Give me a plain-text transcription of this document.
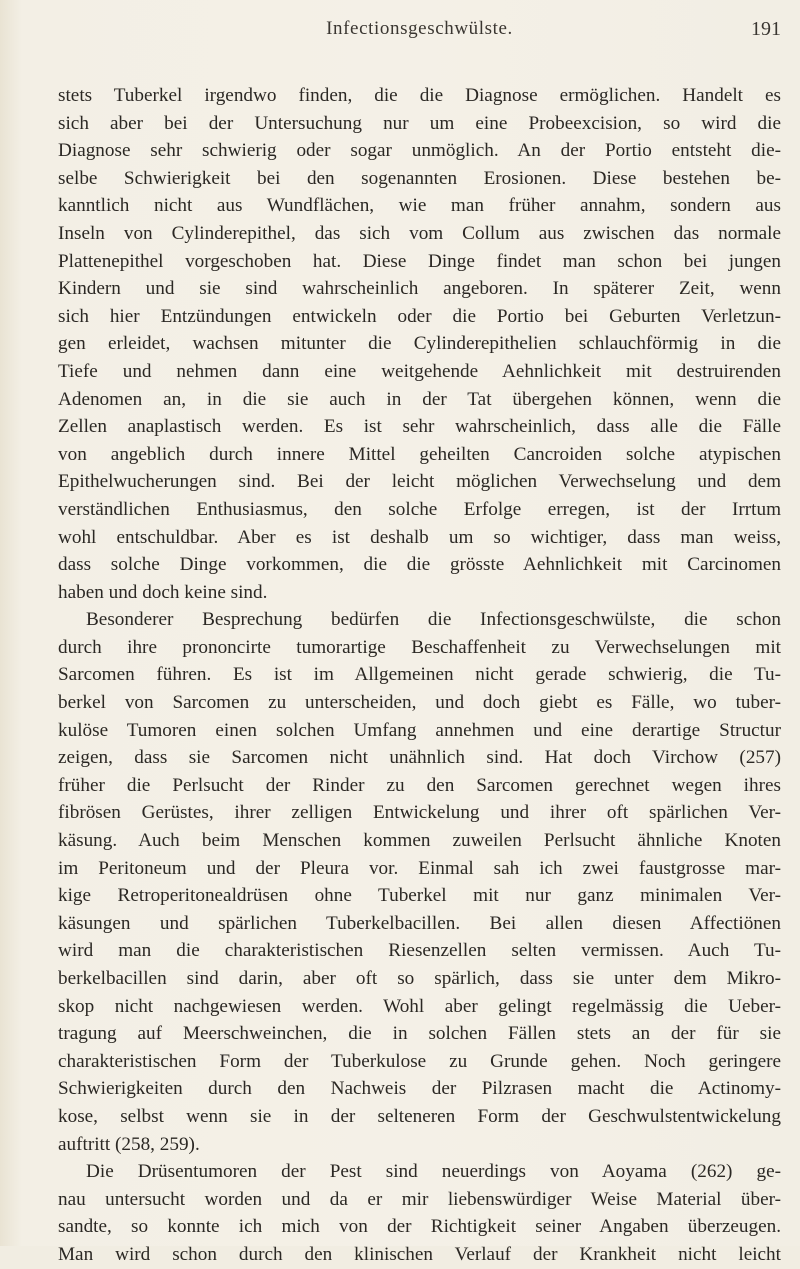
Infectionsgeschwülste.	191
stets Tuberkel irgendwo finden, die die Diagnose ermöglichen. Handelt es
sich aber bei der Untersuchung nur um eine Probeexcision, so wird die
Diagnose sehr schwierig oder sogar unmöglich. An der Portio entsteht die-
selbe Schwierigkeit bei den sogenannten Erosionen. Diese bestehen be-
kanntlich nicht aus Wundflächen, wie man früher annahm, sondern aus
Inseln von Cylinderepithel, das sich vom Collum aus zwischen das normale
Plattenepithel vorgeschoben hat. Diese Dinge findet man schon bei jungen
Kindern und sie sind wahrscheinlich angeboren. In späterer Zeit, wenn
sich hier Entzündungen entwickeln oder die Portio bei Geburten Verletzun-
gen erleidet, wachsen mitunter die Cylinderepithelien schlauchförmig in die
Tiefe und nehmen dann eine weitgehende Aehnlichkeit mit destruirenden
Adenomen an, in die sie auch in der Tat übergehen können, wenn die
Zellen anaplastisch werden. Es ist sehr wahrscheinlich, dass alle die Fälle
von angeblich durch innere Mittel geheilten Cancroiden solche atypischen
Epithelwucherungen sind. Bei der leicht möglichen Verwechselung und dem
verständlichen Enthusiasmus, den solche Erfolge erregen, ist der Irrtum
wohl entschuldbar. Aber es ist deshalb um so wichtiger, dass man weiss,
dass solche Dinge vorkommen, die die grösste Aehnlichkeit mit Carcinomen
haben und doch keine sind.
Besonderer Besprechung bedürfen die Infectionsgeschwülste, die schon
durch ihre prononcirte tumorartige Beschaffenheit zu Verwechselungen mit
Sarcomen führen. Es ist im Allgemeinen nicht gerade schwierig, die Tu-
berkel von Sarcomen zu unterscheiden, und doch giebt es Fälle, wo tuber-
kulöse Tumoren einen solchen Umfang annehmen und eine derartige Structur
zeigen, dass sie Sarcomen nicht unähnlich sind. Hat doch Virchow (257)
früher die Perlsucht der Rinder zu den Sarcomen gerechnet wegen ihres
fibrösen Gerüstes, ihrer zelligen Entwickelung und ihrer oft spärlichen Ver-
käsung. Auch beim Menschen kommen zuweilen Perlsucht ähnliche Knoten
im Peritoneum und der Pleura vor. Einmal sah ich zwei faustgrosse mar-
kige Retroperitonealdrüsen ohne Tuberkel mit nur ganz minimalen Ver-
käsungen und spärlichen Tuberkelbacillen. Bei allen diesen Affectiönen
wird man die charakteristischen Riesenzellen selten vermissen. Auch Tu-
berkelbacillen sind darin, aber oft so spärlich, dass sie unter dem Mikro-
skop nicht nachgewiesen werden. Wohl aber gelingt regelmässig die Ueber-
tragung auf Meerschweinchen, die in solchen Fällen stets an der für sie
charakteristischen Form der Tuberkulose zu Grunde gehen. Noch geringere
Schwierigkeiten durch den Nachweis der Pilzrasen macht die Actinomy-
kose, selbst wenn sie in der selteneren Form der Geschwulstentwickelung
auftritt (258, 259).
Die Drüsentumoren der Pest sind neuerdings von Aoyama (262) ge-
nau untersucht worden und da er mir liebenswürdiger Weise Material über-
sandte, so konnte ich mich von der Richtigkeit seiner Angaben überzeugen.
Man wird schon durch den klinischen Verlauf der Krankheit nicht leicht
